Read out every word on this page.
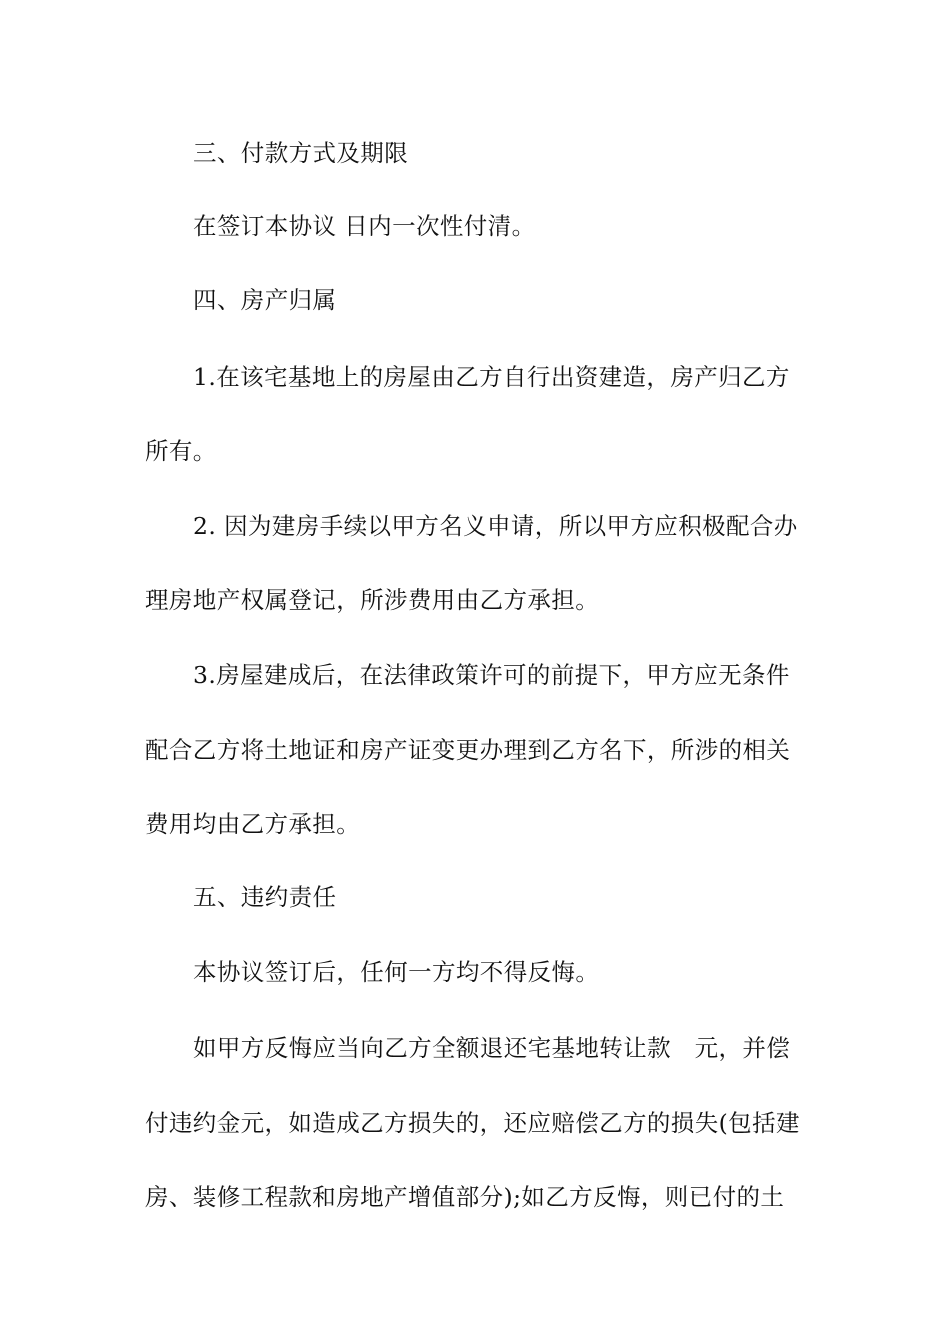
三、付款方式及期限
在签订本协议 日内一次性付清。
四、房产归属
1.在该宅基地上的房屋由乙方自行出资建造，房产归乙方
所有。
2. 因为建房手续以甲方名义申请，所以甲方应积极配合办
理房地产权属登记，所涉费用由乙方承担。
3.房屋建成后，在法律政策许可的前提下，甲方应无条件
配合乙方将土地证和房产证变更办理到乙方名下，所涉的相关
费用均由乙方承担。
五、违约责任
本协议签订后，任何一方均不得反悔。
如甲方反悔应当向乙方全额退还宅基地转让款   元，并偿
付违约金元，如造成乙方损失的，还应赔偿乙方的损失(包括建
房、装修工程款和房地产增值部分);如乙方反悔，则已付的土
